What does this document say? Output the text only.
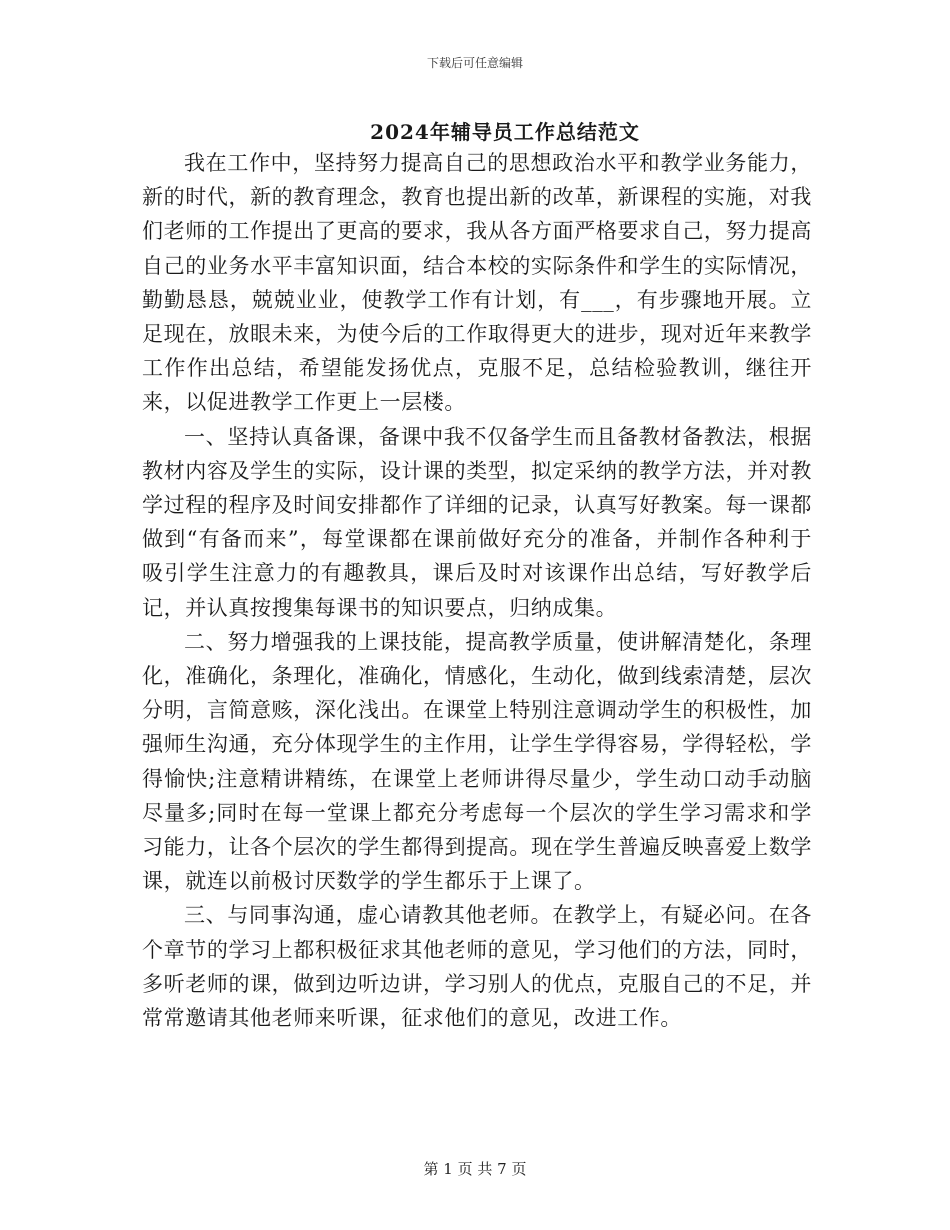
下载后可任意编辑
2024年辅导员工作总结范文

我在工作中，坚持努力提高自己的思想政治水平和教学业务能力，新的时代，新的教育理念，教育也提出新的改革，新课程的实施，对我们老师的工作提出了更高的要求，我从各方面严格要求自己，努力提高自己的业务水平丰富知识面，结合本校的实际条件和学生的实际情况，勤勤恳恳，兢兢业业，使教学工作有计划，有___，有步骤地开展。立足现在，放眼未来，为使今后的工作取得更大的进步，现对近年来教学工作作出总结，希望能发扬优点，克服不足，总结检验教训，继往开来，以促进教学工作更上一层楼。

一、坚持认真备课，备课中我不仅备学生而且备教材备教法，根据教材内容及学生的实际，设计课的类型，拟定采纳的教学方法，并对教学过程的程序及时间安排都作了详细的记录，认真写好教案。每一课都做到“有备而来”，每堂课都在课前做好充分的准备，并制作各种利于吸引学生注意力的有趣教具，课后及时对该课作出总结，写好教学后记，并认真按搜集每课书的知识要点，归纳成集。

二、努力增强我的上课技能，提高教学质量，使讲解清楚化，条理化，准确化，条理化，准确化，情感化，生动化，做到线索清楚，层次分明，言简意赅，深化浅出。在课堂上特别注意调动学生的积极性，加强师生沟通，充分体现学生的主作用，让学生学得容易，学得轻松，学得愉快;注意精讲精练，在课堂上老师讲得尽量少，学生动口动手动脑尽量多;同时在每一堂课上都充分考虑每一个层次的学生学习需求和学习能力，让各个层次的学生都得到提高。现在学生普遍反映喜爱上数学课，就连以前极讨厌数学的学生都乐于上课了。

三、与同事沟通，虚心请教其他老师。在教学上，有疑必问。在各个章节的学习上都积极征求其他老师的意见，学习他们的方法，同时，多听老师的课，做到边听边讲，学习别人的优点，克服自己的不足，并常常邀请其他老师来听课，征求他们的意见，改进工作。

第 1 页 共 7 页
